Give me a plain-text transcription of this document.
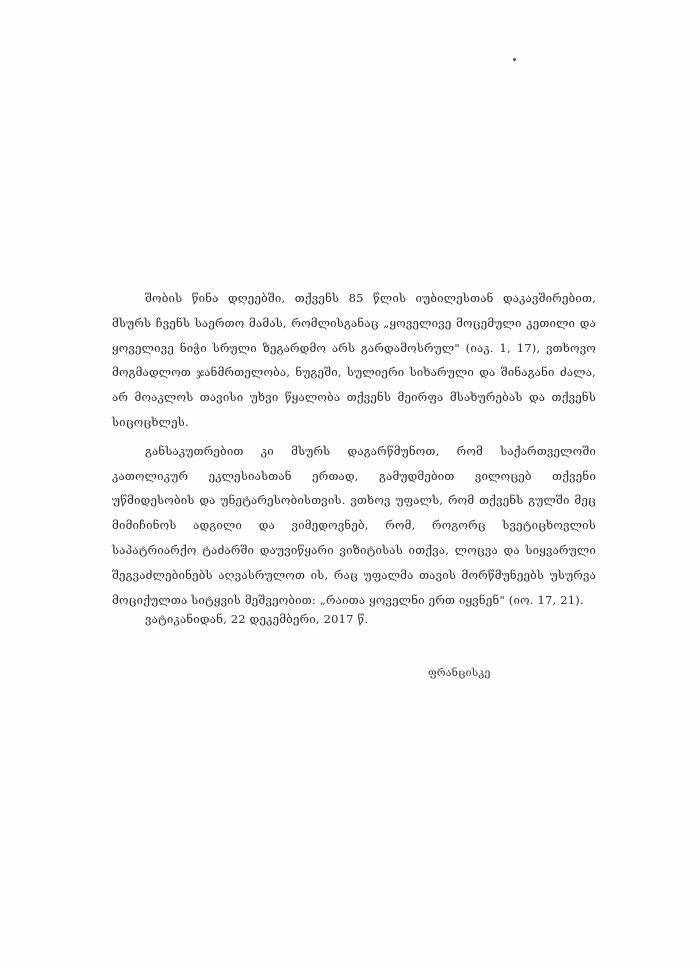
შობის წინა დღეებში, თქვენს 85 წლის იუბილესთან დაკავშირებით, მსურს ჩვენს საერთო მამას, რომლისგანაც „ყოველივე მოცემული კეთილი და ყოველივე ნიჭი სრული ზეგარდმო არს გარდამოსრულ" (იაკ. 1, 17), ვთხოვო მოგმადლოთ ჯანმრთელობა, ნუგეში, სულიერი სიხარული და შინაგანი ძალა, არ მოაკლოს თავისი უხვი წყალობა თქვენს მეირფა მსახურებას და თქვენს სიცოცხლეს.

განსაკუთრებით კი მსურს დაგარწმუნოთ, რომ საქართველოში კათოლიკურ ეკლესიასთან ერთად, გამუდმებით ვილოცებ თქვენი უწმიდესობის და უნეტარესობისთვის. ვთხოვ უფალს, რომ თქვენს გულში მეც მიმიჩინოს ადგილი და ვიმედოვნებ, რომ, როგორც სვეტიცხოვლის საპატრიარქო ტაძარში დაუვიწყარი ვიზიტისას ითქვა, ლოცვა და სიყვარული შეგვაძლებინებს აღვასრულოთ ის, რაც უფალმა თავის მორწმუნეებს უსურვა მოციქულთა სიტყვის მეშვეობით: „რაითა ყოველნი ერთ იყვნენ" (იო. 17, 21).

ვატიკანიდან, 22 დეკემბერი, 2017 წ.
ფრანცისკე
